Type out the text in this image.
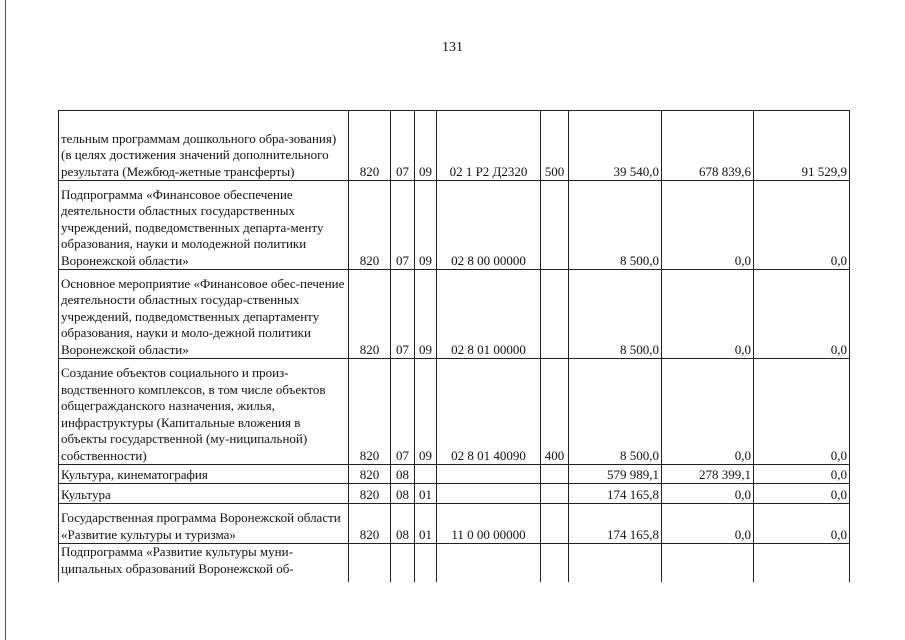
131
тельным программам дошкольного обра-зования) (в целях достижения значений дополнительного результата (Межбюд-жетные трансферты)	820	07	09	02 1 Р2 Д2320	500	39 540,0	678 839,6	91 529,9
Подпрограмма «Финансовое обеспечение деятельности областных государственных учреждений, подведомственных департа-менту образования, науки и молодежной политики Воронежской области»	820	07	09	02 8 00 00000		8 500,0	0,0	0,0
Основное мероприятие «Финансовое обес-печение деятельности областных государ-ственных учреждений, подведомственных департаменту образования, науки и моло-дежной политики Воронежской области»	820	07	09	02 8 01 00000		8 500,0	0,0	0,0
Создание объектов социального и произ-водственного комплексов, в том числе объектов общегражданского назначения, жилья, инфраструктуры (Капитальные вложения в объекты государственной (му-ниципальной) собственности)	820	07	09	02 8 01 40090	400	8 500,0	0,0	0,0
Культура, кинематография	820	08				579 989,1	278 399,1	0,0
Культура	820	08	01			174 165,8	0,0	0,0
Государственная программа Воронежской области «Развитие культуры и туризма»	820	08	01	11 0 00 00000		174 165,8	0,0	0,0
Подпрограмма «Развитие культуры муни-ципальных образований Воронежской об-								
